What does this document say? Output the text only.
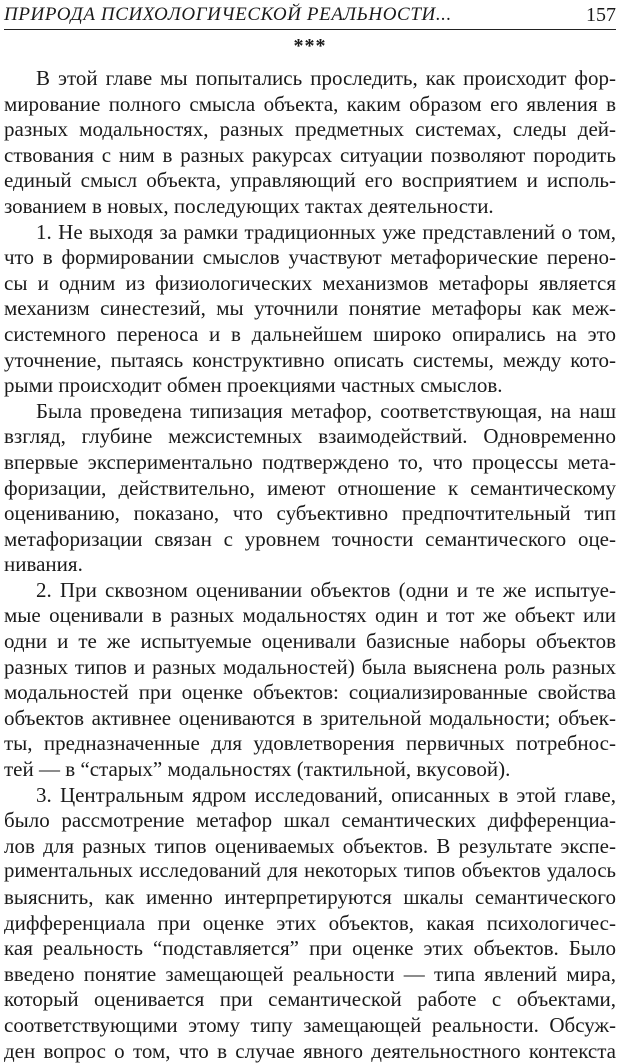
ПРИРОДА ПСИХОЛОГИЧЕСКОЙ РЕАЛЬНОСТИ...	157
***
В этой главе мы попытались проследить, как происходит фор-
мирование полного смысла объекта, каким образом его явления в
разных модальностях, разных предметных системах, следы дей-
ствования с ним в разных ракурсах ситуации позволяют породить
единый смысл объекта, управляющий его восприятием и исполь-
зованием в новых, последующих тактах деятельности.
1. Не выходя за рамки традиционных уже представлений о том,
что в формировании смыслов участвуют метафорические перено-
сы и одним из физиологических механизмов метафоры является
механизм синестезий, мы уточнили понятие метафоры как меж-
системного переноса и в дальнейшем широко опирались на это
уточнение, пытаясь конструктивно описать системы, между кото-
рыми происходит обмен проекциями частных смыслов.
Была проведена типизация метафор, соответствующая, на наш
взгляд, глубине межсистемных взаимодействий. Одновременно
впервые экспериментально подтверждено то, что процессы мета-
форизации, действительно, имеют отношение к семантическому
оцениванию, показано, что субъективно предпочтительный тип
метафоризации связан с уровнем точности семантического оце-
нивания.
2. При сквозном оценивании объектов (одни и те же испытуе-
мые оценивали в разных модальностях один и тот же объект или
одни и те же испытуемые оценивали базисные наборы объектов
разных типов и разных модальностей) была выяснена роль разных
модальностей при оценке объектов: социализированные свойства
объектов активнее оцениваются в зрительной модальности; объек-
ты, предназначенные для удовлетворения первичных потребнос-
тей — в “старых” модальностях (тактильной, вкусовой).
3. Центральным ядром исследований, описанных в этой главе,
было рассмотрение метафор шкал семантических дифференциа-
лов для разных типов оцениваемых объектов. В результате экспе-
риментальных исследований для некоторых типов объектов удалось
выяснить, как именно интерпретируются шкалы семантического
дифференциала при оценке этих объектов, какая психологичес-
кая реальность “подставляется” при оценке этих объектов. Было
введено понятие замещающей реальности — типа явлений мира,
который оценивается при семантической работе с объектами,
соответствующими этому типу замещающей реальности. Обсуж-
ден вопрос о том, что в случае явного деятельностного контекста
